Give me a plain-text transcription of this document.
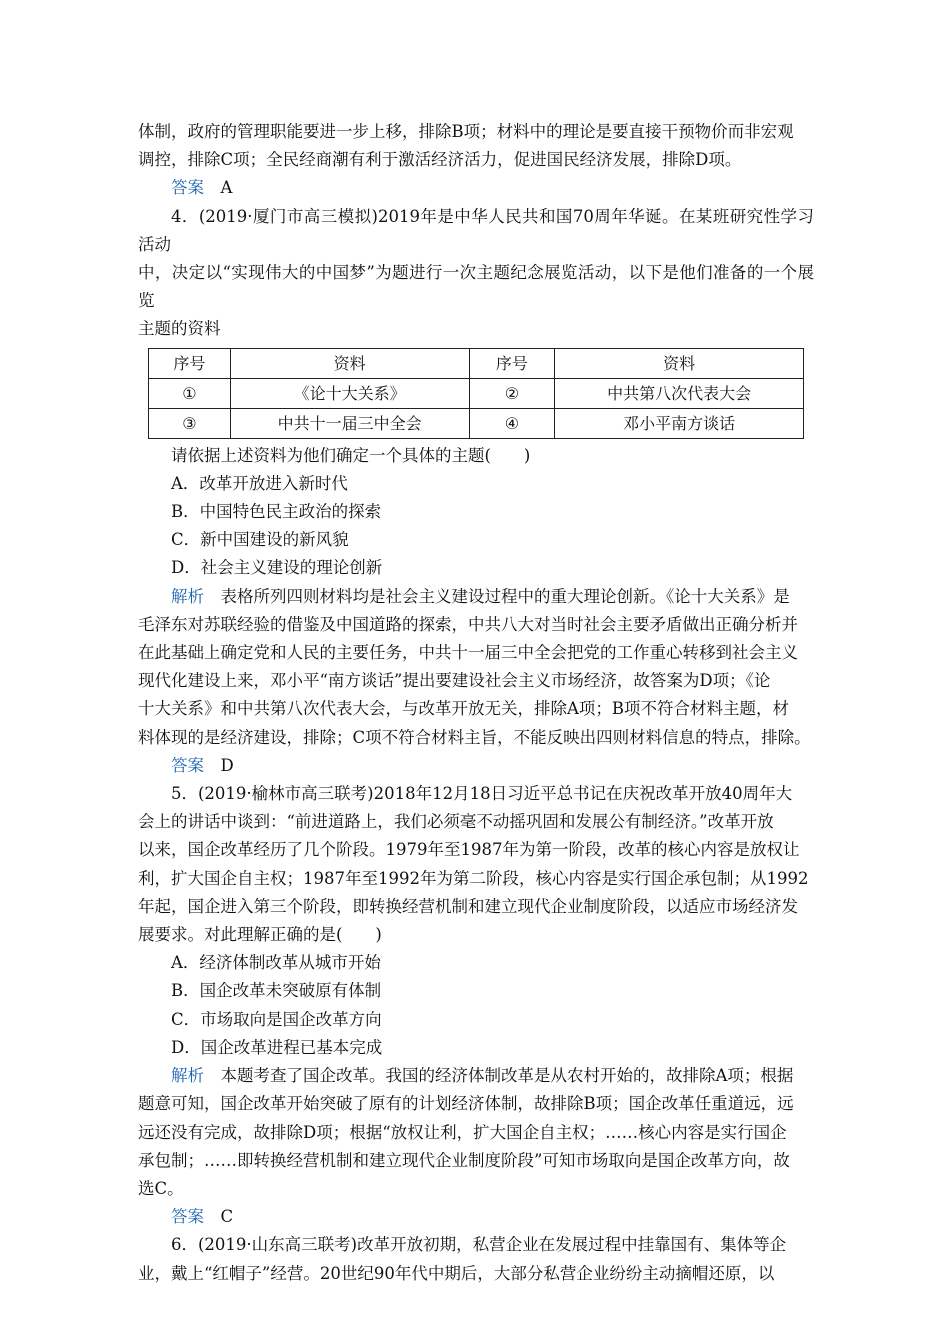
体制，政府的管理职能要进一步上移，排除B项；材料中的理论是要直接干预物价而非宏观

调控，排除C项；全民经商潮有利于激活经济活力，促进国民经济发展，排除D项。

答案　 A

4．(2019·厦门市高三模拟)2019年是中华人民共和国70周年华诞。在某班研究性学习活动

中，决定以“实现伟大的中国梦”为题进行一次主题纪念展览活动，以下是他们准备的一个展览

主题的资料

序号	资料	序号	资料
①	《论十大关系》	②	中共第八次代表大会
③	中共十一届三中全会	④	邓小平南方谈话

请依据上述资料为他们确定一个具体的主题(　　)

A．改革开放进入新时代

B．中国特色民主政治的探索

C．新中国建设的新风貌

D．社会主义建设的理论创新

解析　表格所列四则材料均是社会主义建设过程中的重大理论创新。《论十大关系》是

毛泽东对苏联经验的借鉴及中国道路的探索，中共八大对当时社会主要矛盾做出正确分析并

在此基础上确定党和人民的主要任务，中共十一届三中全会把党的工作重心转移到社会主义

现代化建设上来，邓小平“南方谈话”提出要建设社会主义市场经济，故答案为D项；《论

十大关系》和中共第八次代表大会，与改革开放无关，排除A项；B项不符合材料主题，材

料体现的是经济建设，排除；C项不符合材料主旨，不能反映出四则材料信息的特点，排除。

答案　 D

5．(2019·榆林市高三联考)2018年12月18日习近平总书记在庆祝改革开放40周年大

会上的讲话中谈到：“前进道路上，我们必须毫不动摇巩固和发展公有制经济。”改革开放

以来，国企改革经历了几个阶段。1979年至1987年为第一阶段，改革的核心内容是放权让

利，扩大国企自主权；1987年至1992年为第二阶段，核心内容是实行国企承包制；从1992

年起，国企进入第三个阶段，即转换经营机制和建立现代企业制度阶段，以适应市场经济发

展要求。对此理解正确的是(　　)

A．经济体制改革从城市开始

B．国企改革未突破原有体制

C．市场取向是国企改革方向

D．国企改革进程已基本完成

解析　本题考查了国企改革。我国的经济体制改革是从农村开始的，故排除A项；根据

题意可知，国企改革开始突破了原有的计划经济体制，故排除B项；国企改革任重道远，远

远还没有完成，故排除D项；根据“放权让利，扩大国企自主权；……核心内容是实行国企

承包制；……即转换经营机制和建立现代企业制度阶段”可知市场取向是国企改革方向，故

选C。

答案　 C

6．(2019·山东高三联考)改革开放初期，私营企业在发展过程中挂靠国有、集体等企

业，戴上“红帽子”经营。20世纪90年代中期后，大部分私营企业纷纷主动摘帽还原，以
